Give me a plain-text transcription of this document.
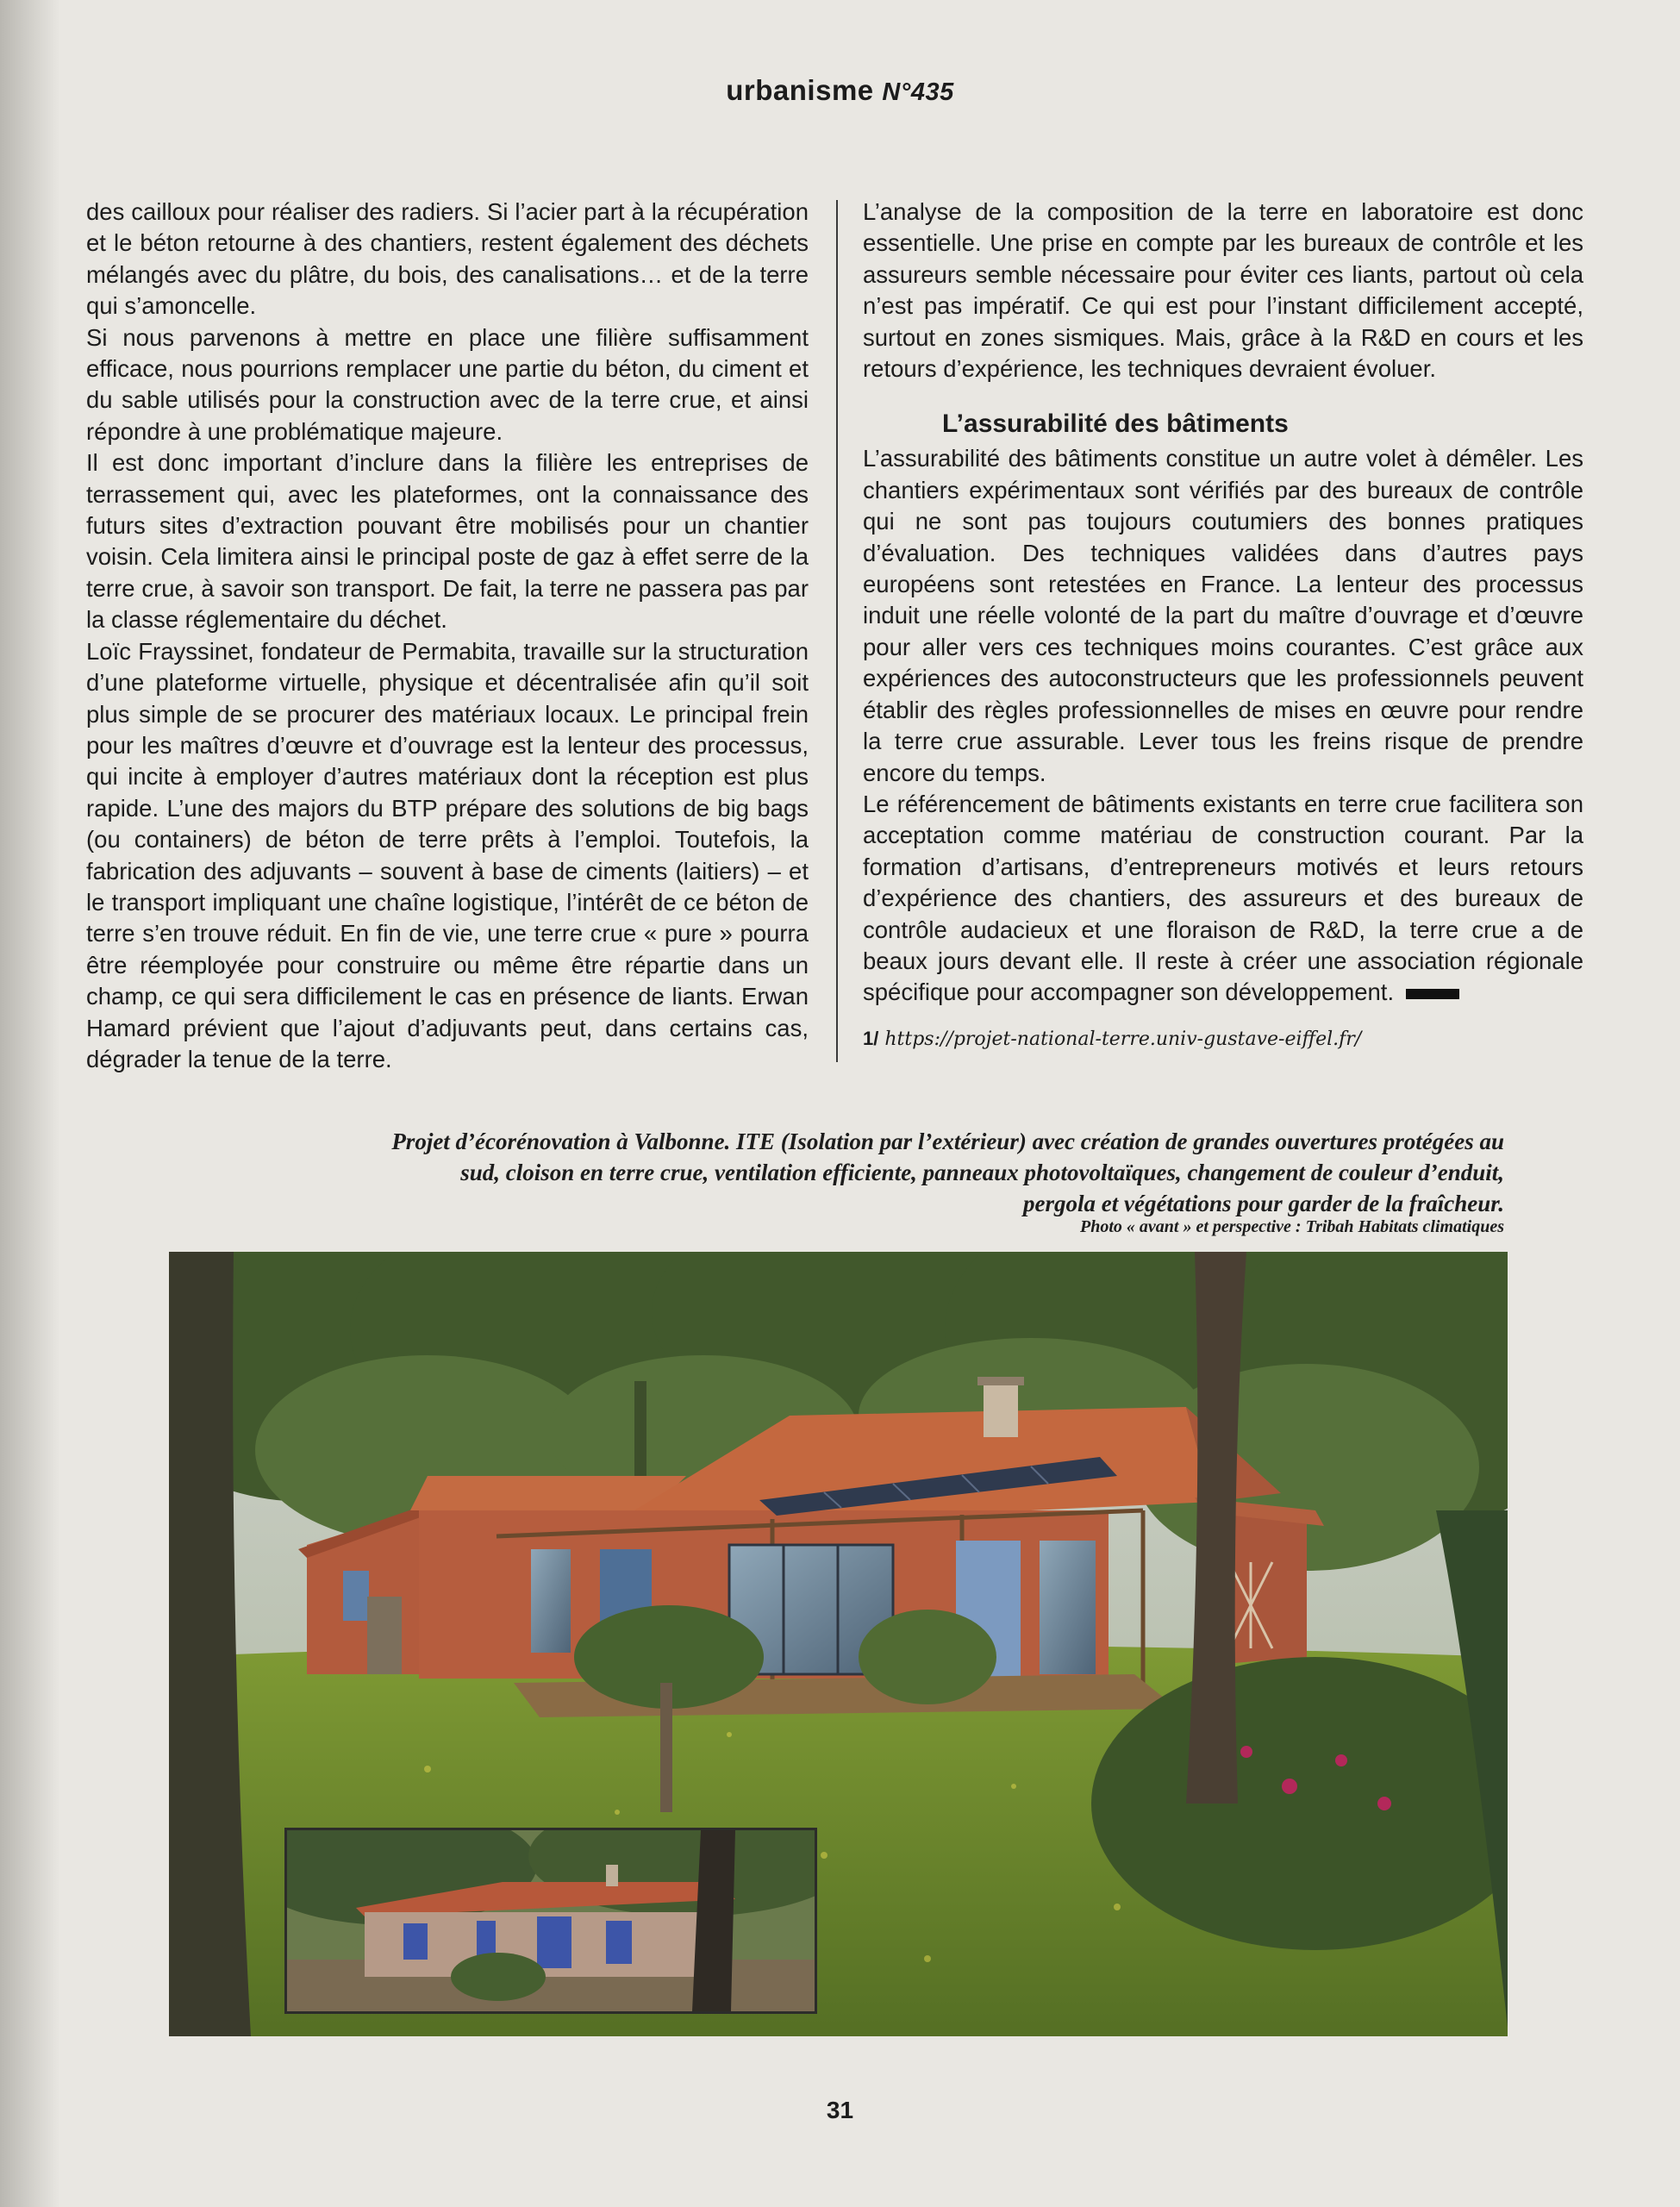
urbanisme N°435

des cailloux pour réaliser des radiers. Si l’acier part à la récupération et le béton retourne à des chantiers, restent également des déchets mélangés avec du plâtre, du bois, des canalisations… et de la terre qui s’amoncelle.

Si nous parvenons à mettre en place une filière suffisamment efficace, nous pourrions remplacer une partie du béton, du ciment et du sable utilisés pour la construction avec de la terre crue, et ainsi répondre à une problématique majeure.

Il est donc important d’inclure dans la filière les entreprises de terrassement qui, avec les plateformes, ont la connaissance des futurs sites d’extraction pouvant être mobilisés pour un chantier voisin. Cela limitera ainsi le principal poste de gaz à effet serre de la terre crue, à savoir son transport. De fait, la terre ne passera pas par la classe réglementaire du déchet.

Loïc Frayssinet, fondateur de Permabita, travaille sur la structuration d’une plateforme virtuelle, physique et décentralisée afin qu’il soit plus simple de se procurer des matériaux locaux. Le principal frein pour les maîtres d’œuvre et d’ouvrage est la lenteur des processus, qui incite à employer d’autres matériaux dont la réception est plus rapide. L’une des majors du BTP prépare des solutions de big bags (ou containers) de béton de terre prêts à l’emploi. Toutefois, la fabrication des adjuvants – souvent à base de ciments (laitiers) – et le transport impliquant une chaîne logistique, l’intérêt de ce béton de terre s’en trouve réduit. En fin de vie, une terre crue « pure » pourra être réemployée pour construire ou même être répartie dans un champ, ce qui sera difficilement le cas en présence de liants. Erwan Hamard prévient que l’ajout d’adjuvants peut, dans certains cas, dégrader la tenue de la terre.

L’analyse de la composition de la terre en laboratoire est donc essentielle. Une prise en compte par les bureaux de contrôle et les assureurs semble nécessaire pour éviter ces liants, partout où cela n’est pas impératif. Ce qui est pour l’instant difficilement accepté, surtout en zones sismiques. Mais, grâce à la R&D en cours et les retours d’expérience, les techniques devraient évoluer.

L’assurabilité des bâtiments

L’assurabilité des bâtiments constitue un autre volet à démêler. Les chantiers expérimentaux sont vérifiés par des bureaux de contrôle qui ne sont pas toujours coutumiers des bonnes pratiques d’évaluation. Des techniques validées dans d’autres pays européens sont retestées en France. La lenteur des processus induit une réelle volonté de la part du maître d’ouvrage et d’œuvre pour aller vers ces techniques moins courantes. C’est grâce aux expériences des autoconstructeurs que les professionnels peuvent établir des règles professionnelles de mises en œuvre pour rendre la terre crue assurable. Lever tous les freins risque de prendre encore du temps.

Le référencement de bâtiments existants en terre crue facilitera son acceptation comme matériau de construction courant. Par la formation d’artisans, d’entrepreneurs motivés et leurs retours d’expérience des chantiers, des assureurs et des bureaux de contrôle audacieux et une floraison de R&D, la terre crue a de beaux jours devant elle. Il reste à créer une association régionale spécifique pour accompagner son développement.

1/ https://projet-national-terre.univ-gustave-eiffel.fr/

Projet d’écorénovation à Valbonne. ITE (Isolation par l’extérieur) avec création de grandes ouvertures protégées au sud, cloison en terre crue, ventilation efficiente, panneaux photovoltaïques, changement de couleur d’enduit, pergola et végétations pour garder de la fraîcheur.
Photo « avant » et perspective : Tribah Habitats climatiques
31
